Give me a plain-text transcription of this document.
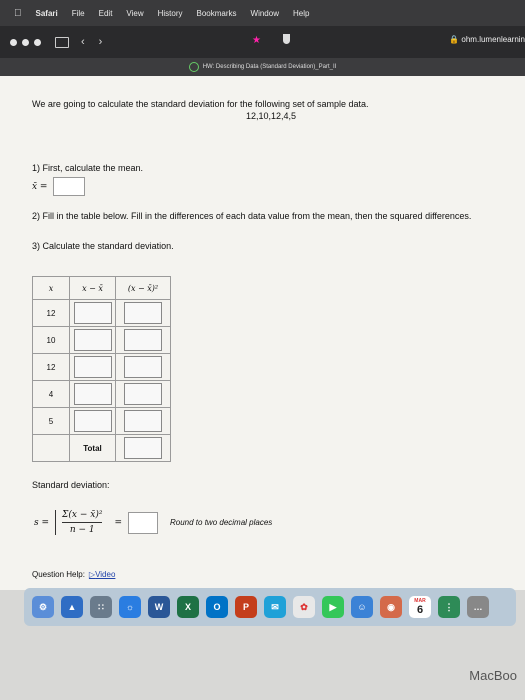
Safari File Edit View History Bookmarks Window Help
‹ ›	★	🔒 ohm.lumenlearnin
HW: Describing Data (Standard Deviation)_Part_II
We are going to calculate the standard deviation for the following set of sample data.
12,10,12,4,5
1) First, calculate the mean.
x̄ =
2) Fill in the table below. Fill in the differences of each data value from the mean, then the squared differences.
3) Calculate the standard deviation.
x	x − x̄	(x − x̄)²
12	

10	

12	

4	

5	

	Total	
Standard deviation:
$s = \frac{\text{Σ(x − x̄)²}}{n - 1}$ =	Round to two decimal places
Question Help: ▷Video
⚙	▲	∷	☼	W X O P	✉	✿	▶	☺	◉
MAR
6	⋮	…
MacBoo
